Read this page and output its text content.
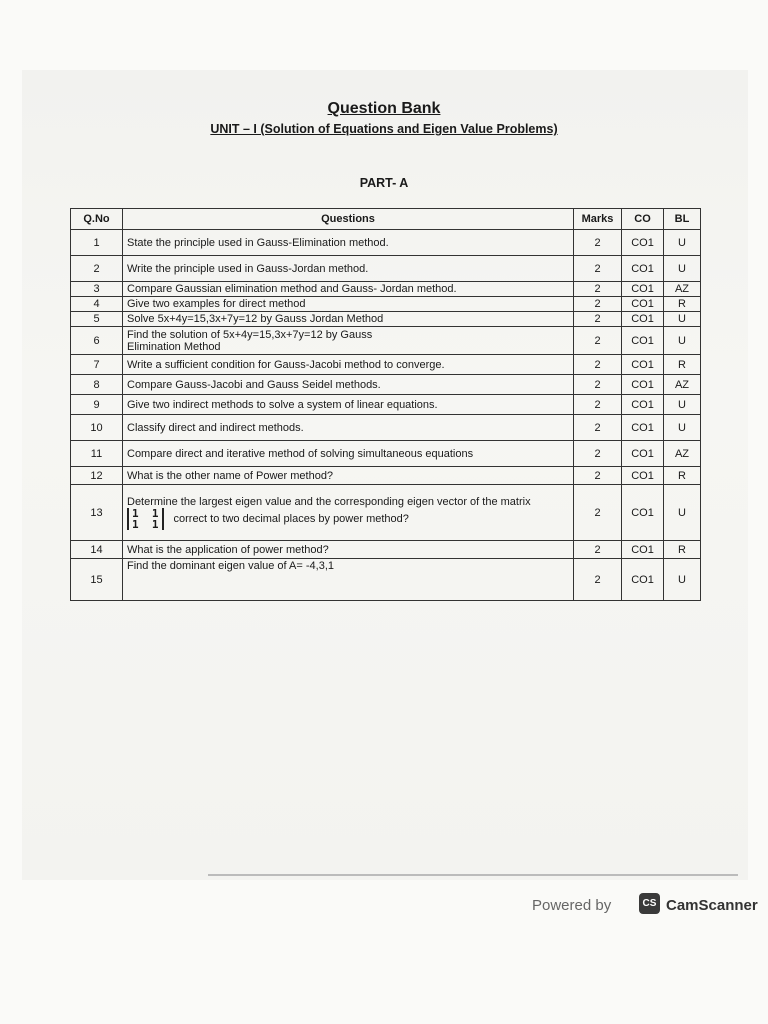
Question Bank
UNIT – I (Solution of Equations and Eigen Value Problems)
PART- A
Q.No	Questions	Marks	CO	BL
1	State the principle used in Gauss-Elimination method.	2	CO1	U
2	Write the principle used in Gauss-Jordan method.	2	CO1	U
3	Compare Gaussian elimination method and Gauss- Jordan method.	2	CO1	AZ
4	Give two examples for direct method	2	CO1	R
5	Solve 5x+4y=15,3x+7y=12 by Gauss Jordan Method	2	CO1	U
6	Find the solution of 5x+4y=15,3x+7y=12 by Gauss
Elimination Method	2	CO1	U
7	Write a sufficient condition for Gauss-Jacobi method to converge.	2	CO1	R
8	Compare Gauss-Jacobi and Gauss Seidel methods.	2	CO1	AZ
9	Give two indirect methods to solve a system of linear equations.	2	CO1	U
10	Classify direct and indirect methods.	2	CO1	U
11	Compare direct and iterative method of solving simultaneous equations	2	CO1	AZ
12	What is the other name of Power method?	2	CO1	R
13	Determine the largest eigen value and the corresponding eigen vector of the matrix
1  1
1  1 correct to two decimal places by power method?	2	CO1	U
14	What is the application of power method?	2	CO1	R
15	Find the dominant eigen value of A= -4,3,1	2	CO1	U
Powered by	CS CamScanner
